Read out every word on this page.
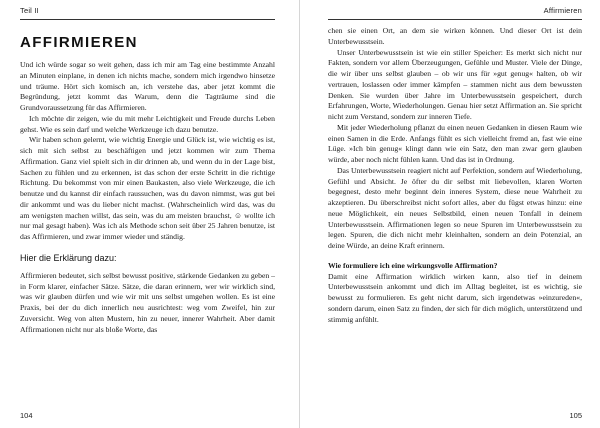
Teil II
AFFIRMIEREN

Und ich würde sogar so weit gehen, dass ich mir am Tag eine bestimmte Anzahl an Minuten einplane, in denen ich nichts mache, sondern mich irgendwo hinsetze und träume. Hört sich komisch an, ich verstehe das, aber jetzt kommt die Begründung, jetzt kommt das Warum, denn die Tagträume sind die Grundvoraussetzung für das Affirmieren.

Ich möchte dir zeigen, wie du mit mehr Leichtigkeit und Freude durchs Leben gehst. Wie es sein darf und welche Werkzeuge ich dazu benutze.

Wir haben schon gelernt, wie wichtig Energie und Glück ist, wie wichtig es ist, sich mit sich selbst zu beschäftigen und jetzt kommen wir zum Thema Affirmation. Ganz viel spielt sich in dir drinnen ab, und wenn du in der Lage bist, Sachen zu fühlen und zu erkennen, ist das schon der erste Schritt in die richtige Richtung. Du bekommst von mir einen Baukasten, also viele Werkzeuge, die ich benutze und du kannst dir einfach raussuchen, was du davon nimmst, was gut bei dir ankommt und was du lieber nicht machst. (Wahrscheinlich wird das, was du am wenigsten machen willst, das sein, was du am meisten brauchst, ☺ wollte ich nur mal gesagt haben). Was ich als Methode schon seit über 25 Jahren benutze, ist das Affirmieren, und zwar immer wieder und ständig.

Hier die Erklärung dazu:

Affirmieren bedeutet, sich selbst bewusst positive, stärkende Gedanken zu geben – in Form klarer, einfacher Sätze. Sätze, die daran erinnern, wer wir wirklich sind, was wir glauben dürfen und wie wir mit uns selbst umgehen wollen. Es ist eine Praxis, bei der du dich innerlich neu ausrichtest: weg vom Zweifel, hin zur Zuversicht. Weg von alten Mustern, hin zu neuer, innerer Wahrheit. Aber damit Affirmationen nicht nur als bloße Worte, das

104
Affirmieren

chen sie einen Ort, an dem sie wirken können. Und dieser Ort ist dein Unterbewusstsein.

Unser Unterbewusstsein ist wie ein stiller Speicher: Es merkt sich nicht nur Fakten, sondern vor allem Überzeugungen, Gefühle und Muster. Viele der Dinge, die wir über uns selbst glauben – ob wir uns für »gut genug« halten, ob wir vertrauen, loslassen oder immer kämpfen – stammen nicht aus dem bewussten Denken. Sie wurden über Jahre im Unterbewusstsein gespeichert, durch Erfahrungen, Worte, Wiederholungen. Genau hier setzt Affirmation an. Sie spricht nicht zum Verstand, sondern zur inneren Tiefe.

Mit jeder Wiederholung pflanzt du einen neuen Gedanken in diesen Raum wie einen Samen in die Erde. Anfangs fühlt es sich vielleicht fremd an, fast wie eine Lüge. »Ich bin genug« klingt dann wie ein Satz, den man zwar gern glauben würde, aber noch nicht fühlen kann. Und das ist in Ordnung.

Das Unterbewusstsein reagiert nicht auf Perfektion, sondern auf Wiederholung, Gefühl und Absicht. Je öfter du dir selbst mit liebevollen, klaren Worten begegnest, desto mehr beginnt dein inneres System, diese neue Wahrheit zu akzeptieren. Du überschreibst nicht sofort alles, aber du fügst etwas hinzu: eine neue Möglichkeit, ein neues Selbstbild, einen neuen Tonfall in deinem Unterbewusstsein. Affirmationen legen so neue Spuren im Unterbewusstsein zu legen. Spuren, die dich nicht mehr kleinhalten, sondern an dein Potenzial, an deine Würde, an deine Kraft erinnern.

Wie formuliere ich eine wirkungsvolle Affirmation?

Damit eine Affirmation wirklich wirken kann, also tief in deinem Unterbewusstsein ankommt und dich im Alltag begleitet, ist es wichtig, sie bewusst zu formulieren. Es geht nicht darum, sich irgendetwas »einzureden«, sondern darum, einen Satz zu finden, der sich für dich möglich, unterstützend und stimmig anfühlt.

105
